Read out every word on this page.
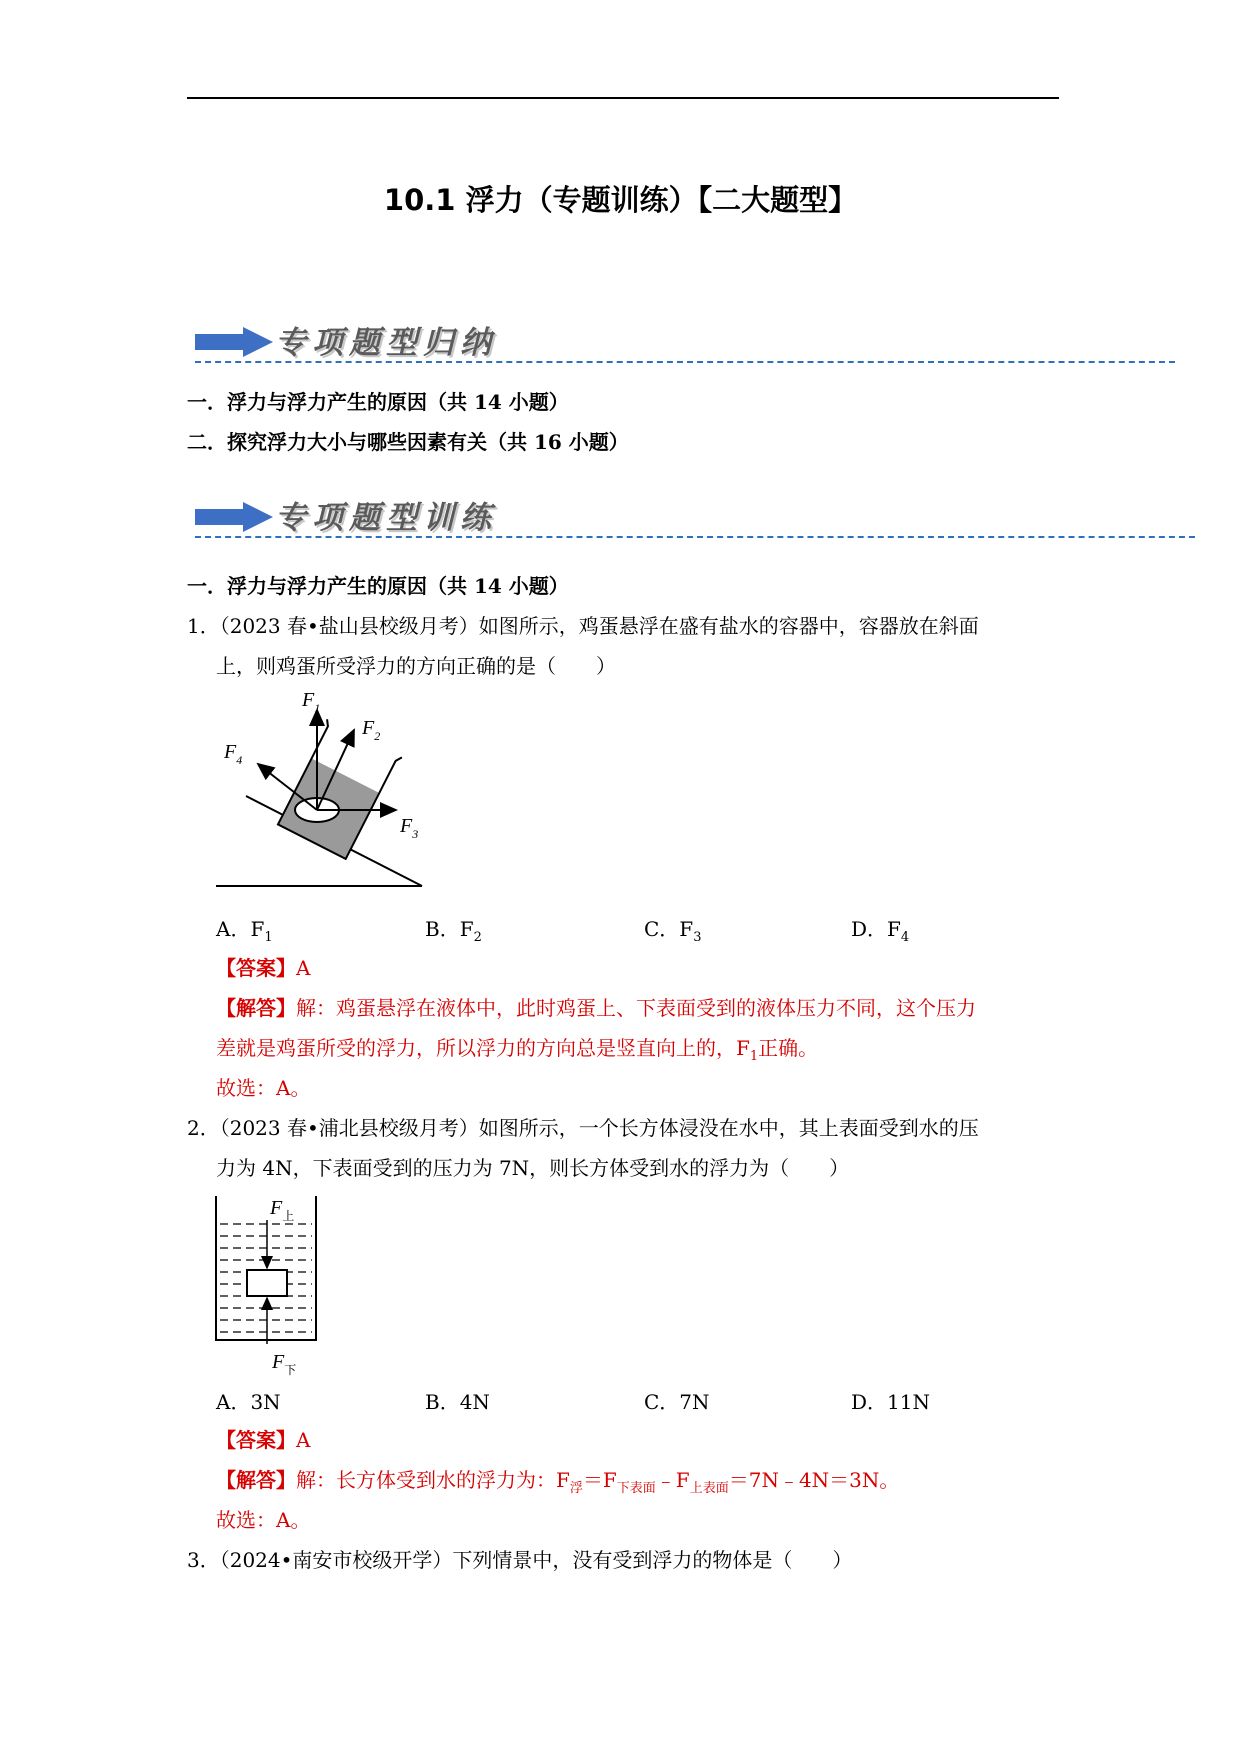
10.1 浮力（专题训练）【二大题型】
专项题型归纳
一．浮力与浮力产生的原因（共 14 小题）
二．探究浮力大小与哪些因素有关（共 16 小题）
专项题型训练
一．浮力与浮力产生的原因（共 14 小题）
1．（2023 春•盐山县校级月考）如图所示，鸡蛋悬浮在盛有盐水的容器中，容器放在斜面
上，则鸡蛋所受浮力的方向正确的是（　　）
$F_1$
$F_2$
$F_3$
$F_4$
A．$F_1$	B．$F_2$	C．$F_3$	D．$F_4$
【答案】A
【解答】解：鸡蛋悬浮在液体中，此时鸡蛋上、下表面受到的液体压力不同，这个压力
差就是鸡蛋所受的浮力，所以浮力的方向总是竖直向上的，$F_1$正确。
故选：A。
2．（2023 春•浦北县校级月考）如图所示，一个长方体浸没在水中，其上表面受到水的压
力为 4N，下表面受到的压力为 7N，则长方体受到水的浮力为（　　）
$F_上$
$F_下$
A．3N	B．4N	C．7N	D．11N
【答案】A
【解答】解：长方体受到水的浮力为：$F_浮=F_{下表面}﹣F_{上表面}=7N﹣4N=3N$。
故选：A。
3．（2024•南安市校级开学）下列情景中，没有受到浮力的物体是（　　）
